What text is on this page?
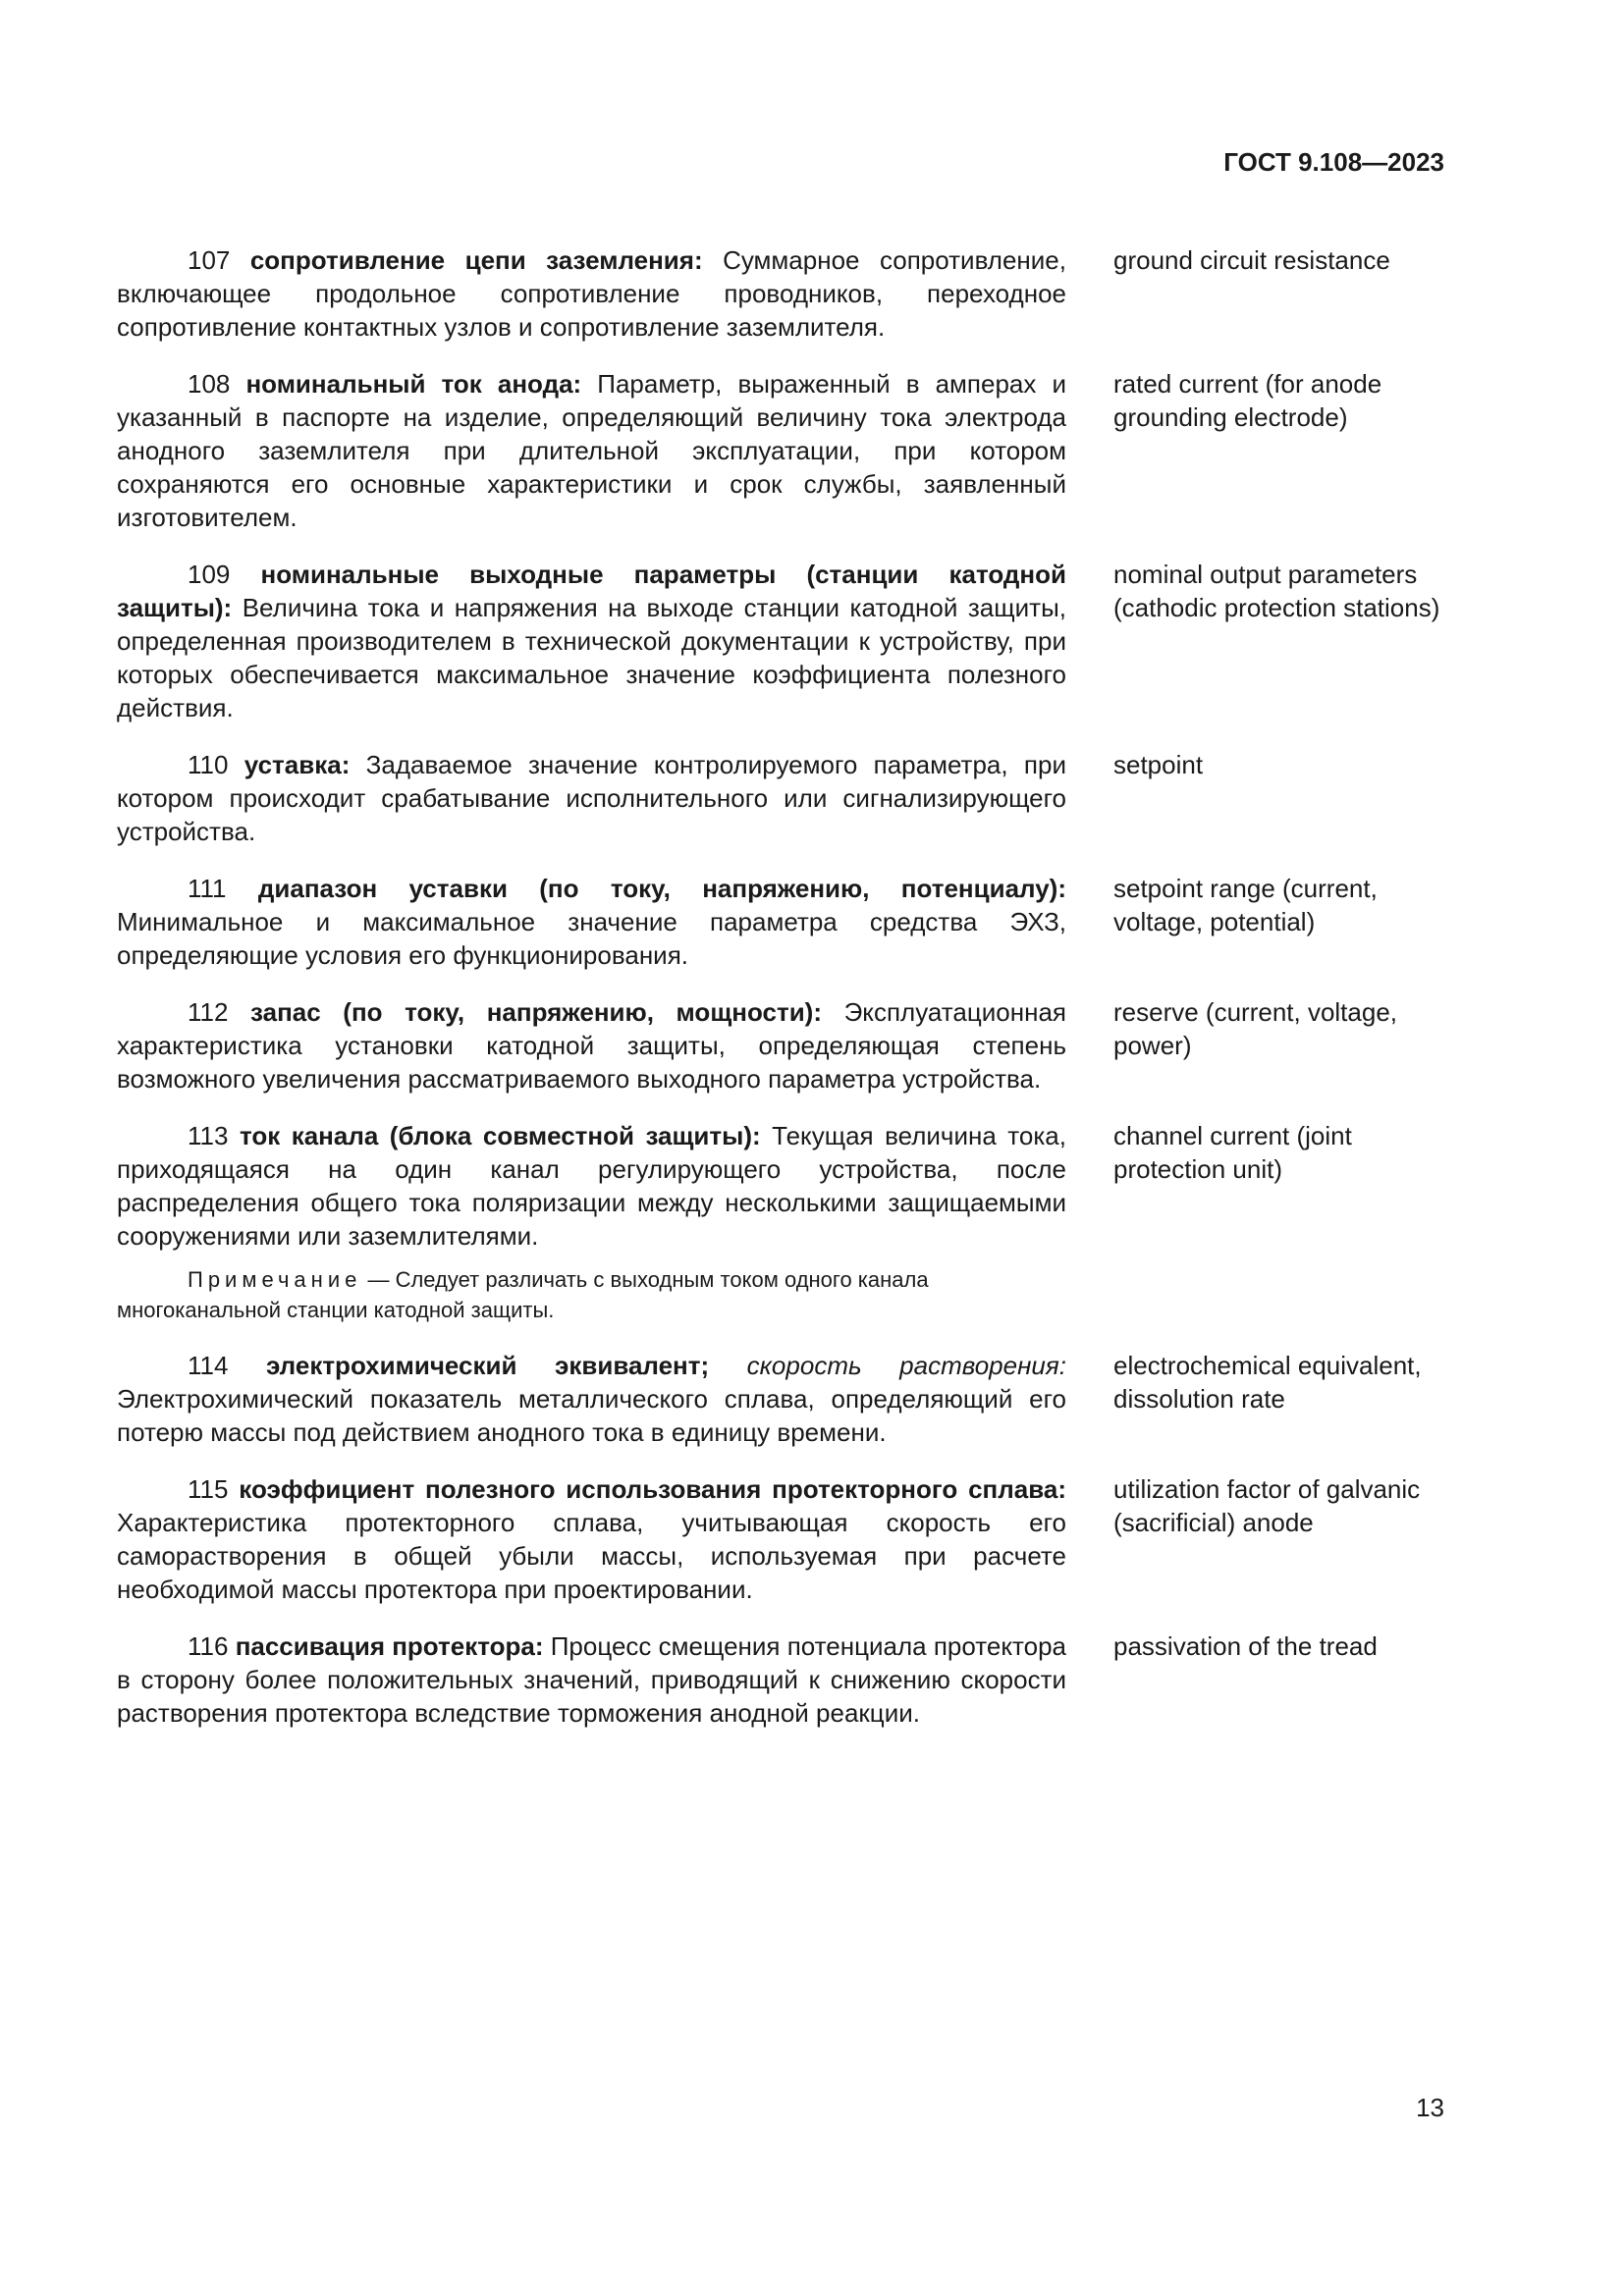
ГОСТ 9.108—2023

107 сопротивление цепи заземления: Суммарное сопротивление, включающее продольное сопротивление проводников, переходное сопротивление контактных узлов и сопротивление заземлителя.

ground circuit resistance

108 номинальный ток анода: Параметр, выраженный в амперах и указанный в паспорте на изделие, определяющий величину тока электрода анодного заземлителя при длительной эксплуатации, при котором сохраняются его основные характеристики и срок службы, заявленный изготовителем.

rated current (for anode grounding electrode)

109 номинальные выходные параметры (станции катодной защиты): Величина тока и напряжения на выходе станции катодной защиты, определенная производителем в технической документации к устройству, при которых обеспечивается максимальное значение коэффициента полезного действия.

nominal output parameters (cathodic protection stations)

110 уставка: Задаваемое значение контролируемого параметра, при котором происходит срабатывание исполнительного или сигнализирующего устройства.

setpoint

111 диапазон уставки (по току, напряжению, потенциалу): Минимальное и максимальное значение параметра средства ЭХЗ, определяющие условия его функционирования.

setpoint range (current, voltage, potential)

112 запас (по току, напряжению, мощности): Эксплуатационная характеристика установки катодной защиты, определяющая степень возможного увеличения рассматриваемого выходного параметра устройства.

reserve (current, voltage, power)

113 ток канала (блока совместной защиты): Текущая величина тока, приходящаяся на один канал регулирующего устройства, после распределения общего тока поляризации между несколькими защищаемыми сооружениями или заземлителями.

channel current (joint protection unit)
Примечание — Следует различать с выходным током одного канала многоканальной станции катодной защиты.

114 электрохимический эквивалент; скорость растворения: Электрохимический показатель металлического сплава, определяющий его потерю массы под действием анодного тока в единицу времени.

electrochemical equivalent, dissolution rate

115 коэффициент полезного использования протекторного сплава: Характеристика протекторного сплава, учитывающая скорость его саморастворения в общей убыли массы, используемая при расчете необходимой массы протектора при проектировании.

utilization factor of galvanic (sacrificial) anode

116 пассивация протектора: Процесс смещения потенциала протектора в сторону более положительных значений, приводящий к снижению скорости растворения протектора вследствие торможения анодной реакции.

passivation of the tread
13
